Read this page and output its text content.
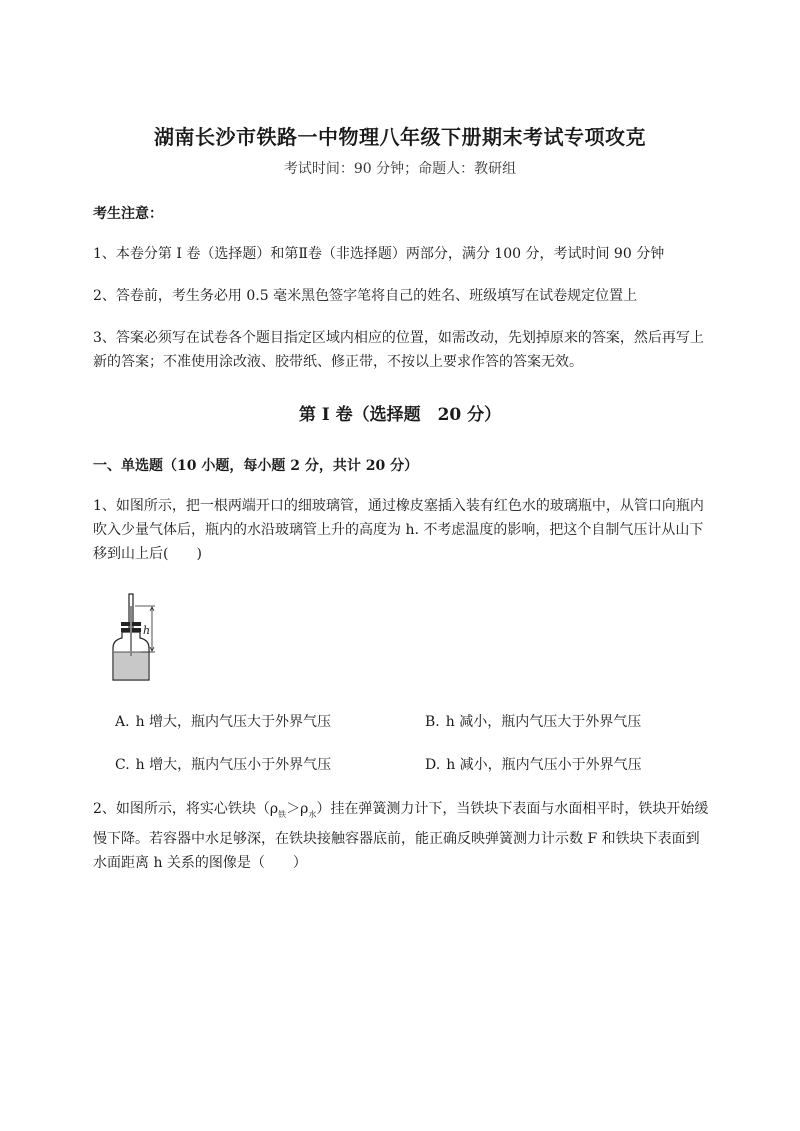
湖南长沙市铁路一中物理八年级下册期末考试专项攻克
考试时间：90 分钟；命题人：教研组
考生注意：
1、本卷分第 I 卷（选择题）和第Ⅱ卷（非选择题）两部分，满分 100 分，考试时间 90 分钟
2、答卷前，考生务必用 0.5 毫米黑色签字笔将自己的姓名、班级填写在试卷规定位置上
3、答案必须写在试卷各个题目指定区域内相应的位置，如需改动，先划掉原来的答案，然后再写上新的答案；不准使用涂改液、胶带纸、修正带，不按以上要求作答的答案无效。
第 I 卷（选择题　20 分）
一、单选题（10 小题，每小题 2 分，共计 20 分）
1、如图所示，把一根两端开口的细玻璃管，通过橡皮塞插入装有红色水的玻璃瓶中，从管口向瓶内吹入少量气体后，瓶内的水沿玻璃管上升的高度为 h. 不考虑温度的影响，把这个自制气压计从山下移到山上后(　　)
h
A. h 增大，瓶内气压大于外界气压	B. h 减小，瓶内气压大于外界气压
C. h 增大，瓶内气压小于外界气压	D. h 减小，瓶内气压小于外界气压
2、如图所示，将实心铁块$(\rho_铁>\rho_水)$挂在弹簧测力计下，当铁块下表面与水面相平时，铁块开始缓慢下降。若容器中水足够深，在铁块接触容器底前，能正确反映弹簧测力计示数 F 和铁块下表面到水面距离 h 关系的图像是（　　）
